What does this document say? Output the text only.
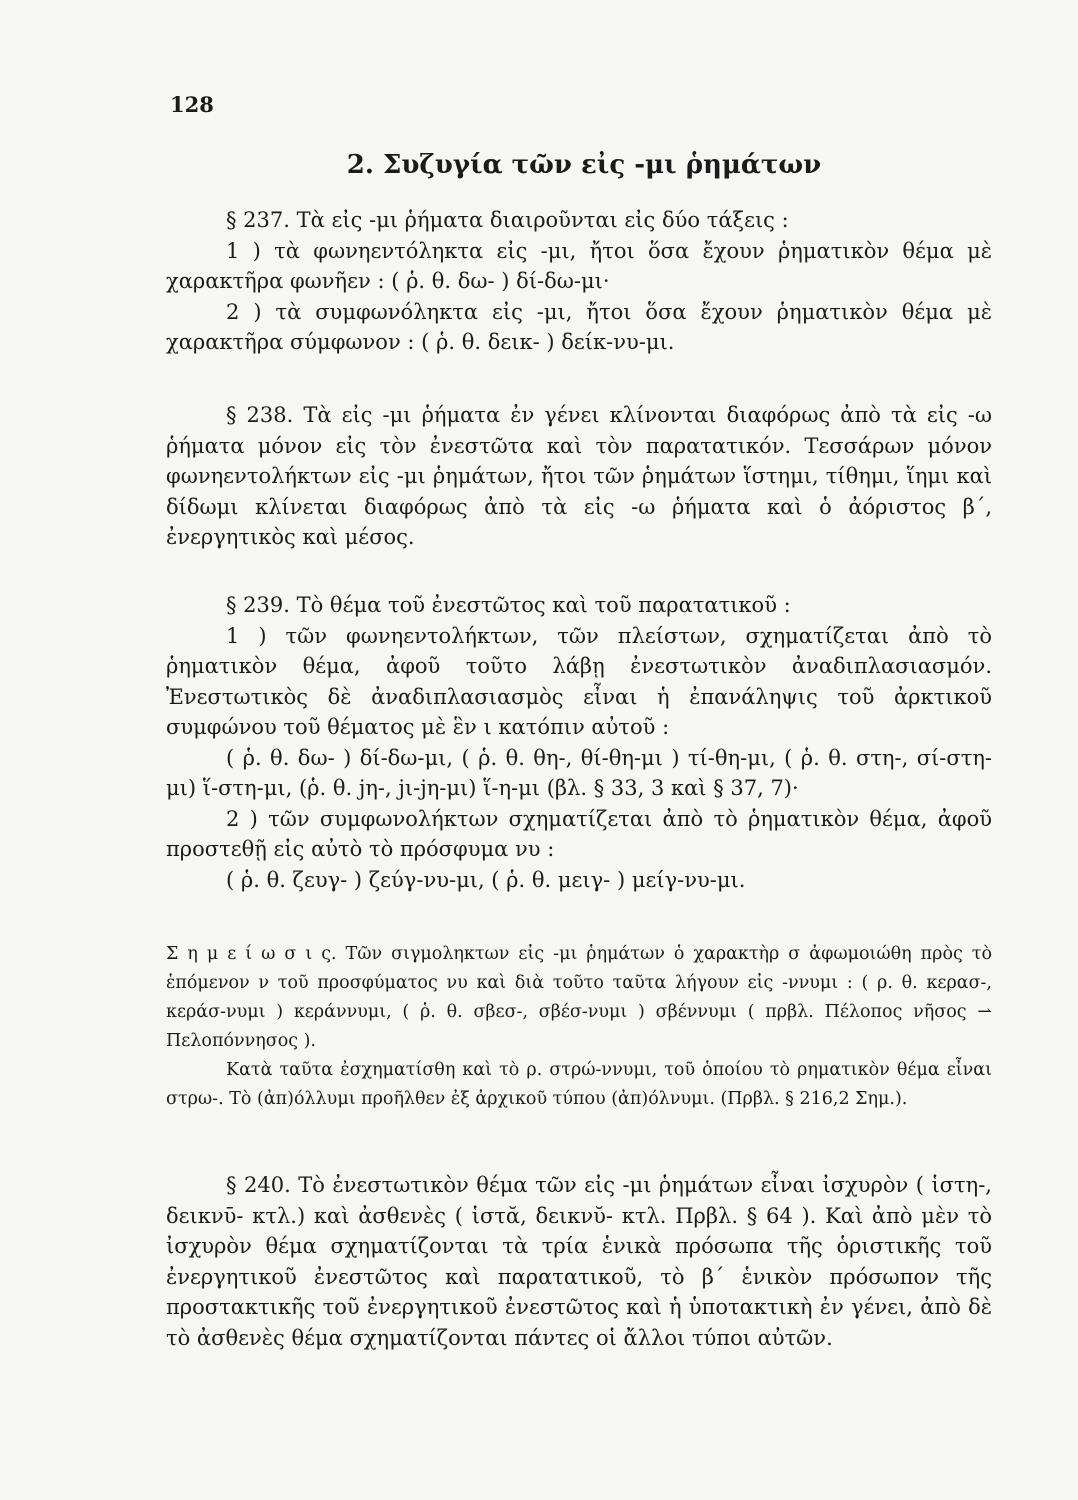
128
2. Συζυγία τῶν εἰς -μι ῥημάτων

§ 237. Τὰ εἰς -μι ῥήματα διαιροῦνται εἰς δύο τάξεις :

1 ) τὰ φωνηεντόληκτα εἰς -μι, ἤτοι ὅσα ἔχουν ῥηματικὸν θέμα μὲ χαρακτῆρα φωνῆεν : ( ῥ. θ. δω- ) δί-δω-μι·

2 ) τὰ συμφωνόληκτα εἰς -μι, ἤτοι ὅσα ἔχουν ῥηματικὸν θέμα μὲ χαρακτῆρα σύμφωνον : ( ῥ. θ. δεικ- ) δείκ-νυ-μι.

§ 238. Τὰ εἰς -μι ῥήματα ἐν γένει κλίνονται διαφόρως ἀπὸ τὰ εἰς -ω ῥήματα μόνον εἰς τὸν ἐνεστῶτα καὶ τὸν παρατατικόν. Τεσσάρων μόνον φωνηεντολήκτων εἰς -μι ῥημάτων, ἤτοι τῶν ῥημάτων ἵστημι, τίθημι, ἵημι καὶ δίδωμι κλίνεται διαφόρως ἀπὸ τὰ εἰς -ω ῥήματα καὶ ὁ ἀόριστος β΄, ἐνεργητικὸς καὶ μέσος.

§ 239. Τὸ θέμα τοῦ ἐνεστῶτος καὶ τοῦ παρατατικοῦ :

1 ) τῶν φωνηεντολήκτων, τῶν πλείστων, σχηματίζεται ἀπὸ τὸ ῥηματικὸν θέμα, ἀφοῦ τοῦτο λάβῃ ἐνεστωτικὸν ἀναδιπλασιασμόν. Ἐνεστωτικὸς δὲ ἀναδιπλασιασμὸς εἶναι ἡ ἐπανάληψις τοῦ ἀρκτικοῦ συμφώνου τοῦ θέματος μὲ ἓν ι κατόπιν αὐτοῦ :

( ῥ. θ. δω- ) δί-δω-μι, ( ῥ. θ. θη-, θί-θη-μι ) τί-θη-μι, ( ῥ. θ. στη-, σί-στη-μι) ἵ-στη-μι, (ῥ. θ. jη-, jι-jη-μι) ἵ-η-μι (βλ. § 33, 3 καὶ § 37, 7)·

2 ) τῶν συμφωνολήκτων σχηματίζεται ἀπὸ τὸ ῥηματικὸν θέμα, ἀφοῦ προστεθῇ εἰς αὐτὸ τὸ πρόσφυμα νυ :

( ῥ. θ. ζευγ- ) ζεύγ-νυ-μι, ( ῥ. θ. μειγ- ) μείγ-νυ-μι.

Σ η μ ε ί ω σ ι ς. Τῶν σιγμοληκτων εἰς -μι ῥημάτων ὁ χαρακτὴρ σ ἀφωμοιώθη πρὸς τὸ ἑπόμενον ν τοῦ προσφύματος νυ καὶ διὰ τοῦτο ταῦτα λήγουν εἰς -ννυμι : ( ρ. θ. κερασ-, κεράσ-νυμι ) κεράννυμι, ( ῥ. θ. σβεσ-, σβέσ-νυμι ) σβέννυμι ( πρβλ. Πέλοπος νῆσος ⇀ Πελοπόννησος ).

Κατὰ ταῦτα ἐσχηματίσθη καὶ τὸ ρ. στρώ-ννυμι, τοῦ ὁποίου τὸ ρηματικὸν θέμα εἶναι στρω-. Τὸ (ἀπ)όλλυμι προῆλθεν ἐξ ἀρχικοῦ τύπου (ἀπ)όλνυμι. (Πρβλ. § 216,2 Σημ.).

§ 240. Τὸ ἐνεστωτικὸν θέμα τῶν εἰς -μι ῥημάτων εἶναι ἰσχυρὸν ( ἱστη-, δεικνῡ- κτλ.) καὶ ἀσθενὲς ( ἱστᾰ, δεικνῠ- κτλ. Πρβλ. § 64 ). Καὶ ἀπὸ μὲν τὸ ἰσχυρὸν θέμα σχηματίζονται τὰ τρία ἑνικὰ πρόσωπα τῆς ὁριστικῆς τοῦ ἐνεργητικοῦ ἐνεστῶτος καὶ παρατατικοῦ, τὸ β΄ ἑνικὸν πρόσωπον τῆς προστακτικῆς τοῦ ἐνεργητικοῦ ἐνεστῶτος καὶ ἡ ὑποτακτικὴ ἐν γένει, ἀπὸ δὲ τὸ ἀσθενὲς θέμα σχηματίζονται πάντες οἱ ἄλλοι τύποι αὐτῶν.
